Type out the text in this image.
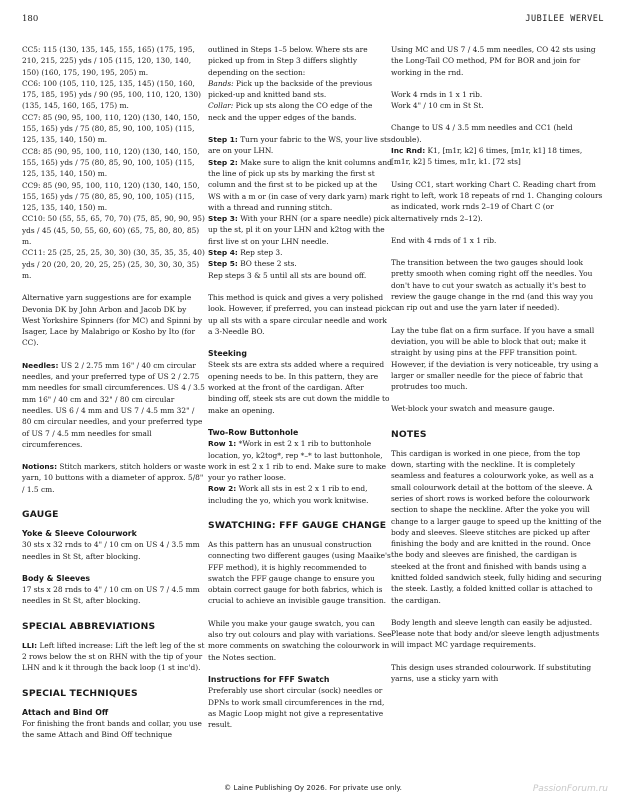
180	JUBILEE WERVEL

CC5: 115 (130, 135, 145, 155, 165) (175, 195, 210, 215, 225) yds / 105 (115, 120, 130, 140, 150) (160, 175, 190, 195, 205) m.

CC6: 100 (105, 110, 125, 135, 145) (150, 160, 175, 185, 195) yds / 90 (95, 100, 110, 120, 130) (135, 145, 160, 165, 175) m.

CC7: 85 (90, 95, 100, 110, 120) (130, 140, 150, 155, 165) yds / 75 (80, 85, 90, 100, 105) (115, 125, 135, 140, 150) m.

CC8: 85 (90, 95, 100, 110, 120) (130, 140, 150, 155, 165) yds / 75 (80, 85, 90, 100, 105) (115, 125, 135, 140, 150) m.

CC9: 85 (90, 95, 100, 110, 120) (130, 140, 150, 155, 165) yds / 75 (80, 85, 90, 100, 105) (115, 125, 135, 140, 150) m.

CC10: 50 (55, 55, 65, 70, 70) (75, 85, 90, 90, 95) yds / 45 (45, 50, 55, 60, 60) (65, 75, 80, 80, 85) m.

CC11: 25 (25, 25, 25, 30, 30) (30, 35, 35, 35, 40) yds / 20 (20, 20, 20, 25, 25) (25, 30, 30, 30, 35) m.

Alternative yarn suggestions are for example Devonia DK by John Arbon and Jacob DK by West Yorkshire Spinners (for MC) and Spinni by Isager, Lace by Malabrigo or Kosho by Ito (for CC).

Needles: US 2 / 2.75 mm 16" / 40 cm circular needles, and your preferred type of US 2 / 2.75 mm needles for small circumferences. US 4 / 3.5 mm 16" / 40 cm and 32" / 80 cm circular needles. US 6 / 4 mm and US 7 / 4.5 mm 32" / 80 cm circular needles, and your preferred type of US 7 / 4.5 mm needles for small circumferences.

Notions: Stitch markers, stitch holders or waste yarn, 10 buttons with a diameter of approx. 5/8" / 1.5 cm.

GAUGE
Yoke & Sleeve Colourwork

30 sts x 32 rnds to 4" / 10 cm on US 4 / 3.5 mm needles in St St, after blocking.

Body & Sleeves

17 sts x 28 rnds to 4" / 10 cm on US 7 / 4.5 mm needles in St St, after blocking.

SPECIAL ABBREVIATIONS

LLI: Left lifted increase: Lift the left leg of the st 2 rows below the st on RHN with the tip of your LHN and k it through the back loop (1 st inc'd).

SPECIAL TECHNIQUES
Attach and Bind Off

For finishing the front bands and collar, you use the same Attach and Bind Off technique

outlined in Steps 1–5 below. Where sts are picked up from in Step 3 differs slightly depending on the section:

Bands: Pick up the backside of the previous picked-up and knitted band sts.

Collar: Pick up sts along the CO edge of the neck and the upper edges of the bands.

Step 1: Turn your fabric to the WS, your live sts are on your LHN.

Step 2: Make sure to align the knit columns and the line of pick up sts by marking the first st column and the first st to be picked up at the WS with a m or (in case of very dark yarn) mark with a thread and running stitch.

Step 3: With your RHN (or a spare needle) pick up the st, pl it on your LHN and k2tog with the first live st on your LHN needle.

Step 4: Rep step 3.

Step 5: BO these 2 sts.

Rep steps 3 & 5 until all sts are bound off.

This method is quick and gives a very polished look. However, if preferred, you can instead pick up all sts with a spare circular needle and work a 3-Needle BO.

Steeking

Steek sts are extra sts added where a required opening needs to be. In this pattern, they are worked at the front of the cardigan. After binding off, steek sts are cut down the middle to make an opening.

Two-Row Buttonhole

Row 1: *Work in est 2 x 1 rib to buttonhole location, yo, k2tog*, rep *–* to last buttonhole, work in est 2 x 1 rib to end. Make sure to make your yo rather loose.

Row 2: Work all sts in est 2 x 1 rib to end, including the yo, which you work knitwise.

SWATCHING: FFF GAUGE CHANGE

As this pattern has an unusual construction connecting two different gauges (using Maaike's FFF method), it is highly recommended to swatch the FFF gauge change to ensure you obtain correct gauge for both fabrics, which is crucial to achieve an invisible gauge transition.

While you make your gauge swatch, you can also try out colours and play with variations. See more comments on swatching the colourwork in the Notes section.

Instructions for FFF Swatch

Preferably use short circular (sock) needles or DPNs to work small circumferences in the rnd, as Magic Loop might not give a representative result.

Using MC and US 7 / 4.5 mm needles, CO 42 sts using the Long-Tail CO method, PM for BOR and join for working in the rnd.

Work 4 rnds in 1 x 1 rib.

Work 4" / 10 cm in St St.

Change to US 4 / 3.5 mm needles and CC1 (held double).

Inc Rnd: K1, [m1r, k2] 6 times, [m1r, k1] 18 times, [m1r, k2] 5 times, m1r, k1. [72 sts]

Using CC1, start working Chart C. Reading chart from right to left, work 18 repeats of rnd 1. Changing colours as indicated, work rnds 2–19 of Chart C (or alternatively rnds 2–12).

End with 4 rnds of 1 x 1 rib.

The transition between the two gauges should look pretty smooth when coming right off the needles. You don't have to cut your swatch as actually it's best to review the gauge change in the rnd (and this way you can rip out and use the yarn later if needed).

Lay the tube flat on a firm surface. If you have a small deviation, you will be able to block that out; make it straight by using pins at the FFF transition point. However, if the deviation is very noticeable, try using a larger or smaller needle for the piece of fabric that protrudes too much.

Wet-block your swatch and measure gauge.

NOTES

This cardigan is worked in one piece, from the top down, starting with the neckline. It is completely seamless and features a colourwork yoke, as well as a small colourwork detail at the bottom of the sleeve. A series of short rows is worked before the colourwork section to shape the neckline. After the yoke you will change to a larger gauge to speed up the knitting of the body and sleeves. Sleeve stitches are picked up after finishing the body and are knitted in the round. Once the body and sleeves are finished, the cardigan is steeked at the front and finished with bands using a knitted folded sandwich steek, fully hiding and securing the steek. Lastly, a folded knitted collar is attached to the cardigan.

Body length and sleeve length can easily be adjusted. Please note that body and/or sleeve length adjustments will impact MC yardage requirements.

This design uses stranded colourwork. If substituting yarns, use a sticky yarn with

© Laine Publishing Oy 2026. For private use only.	PassionForum.ru
